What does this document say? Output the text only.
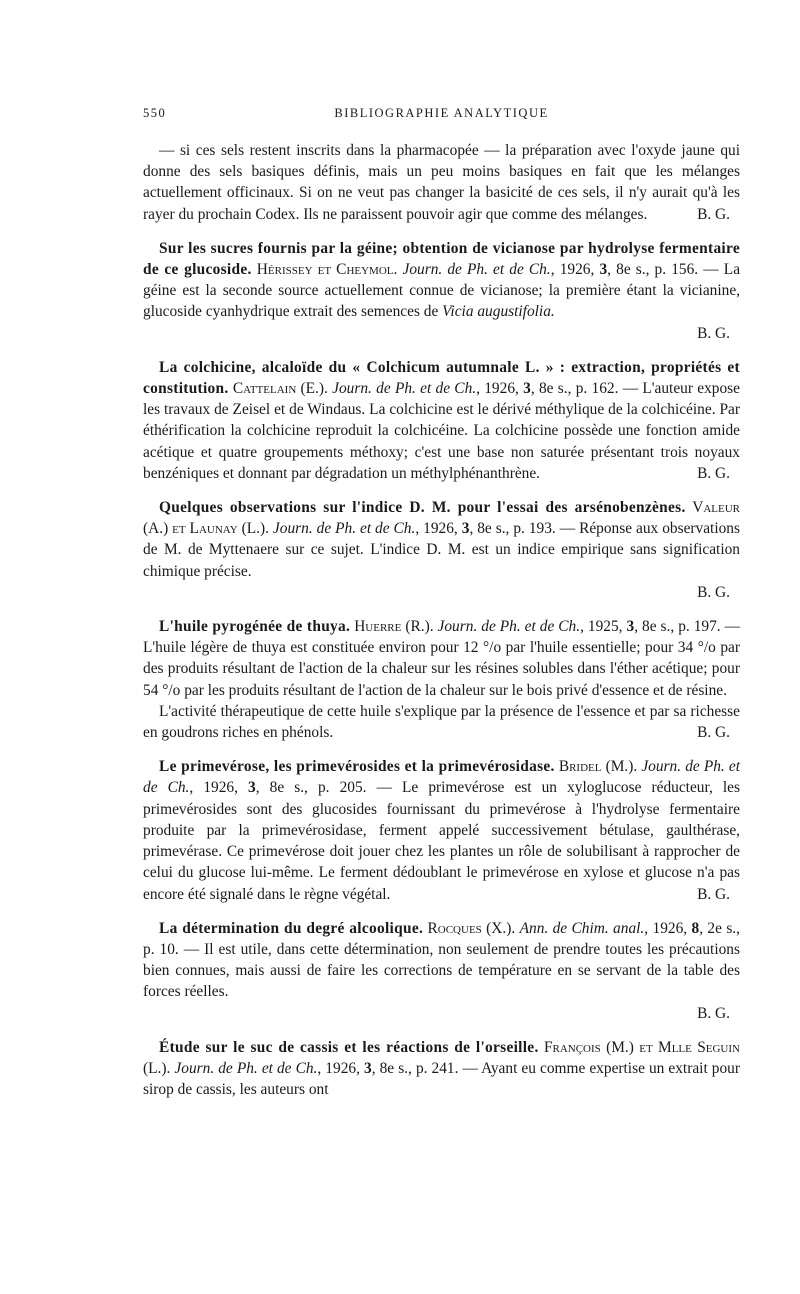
550	BIBLIOGRAPHIE ANALYTIQUE

— si ces sels restent inscrits dans la pharmacopée — la préparation avec l'oxyde jaune qui donne des sels basiques définis, mais un peu moins basiques en fait que les mélanges actuellement officinaux. Si on ne veut pas changer la basicité de ces sels, il n'y aurait qu'à les rayer du prochain Codex. Ils ne paraissent pouvoir agir que comme des mélanges.	B. G.

Sur les sucres fournis par la géine; obtention de vicianose par hydrolyse fermentaire de ce glucoside. Hérissey et Cheymol. Journ. de Ph. et de Ch., 1926, 3, 8e s., p. 156. — La géine est la seconde source actuellement connue de vicianose; la première étant la vicianine, glucoside cyanhydrique extrait des semences de Vicia augustifolia.

B. G.

La colchicine, alcaloïde du « Colchicum autumnale L. » : extraction, propriétés et constitution. Cattelain (E.). Journ. de Ph. et de Ch., 1926, 3, 8e s., p. 162. — L'auteur expose les travaux de Zeisel et de Windaus. La colchicine est le dérivé méthylique de la colchicéine. Par éthérification la colchicine reproduit la colchicéine. La colchicine possède une fonction amide acétique et quatre groupements méthoxy; c'est une base non saturée présentant trois noyaux benzéniques et donnant par dégradation un méthylphénanthrène.	B. G.

Quelques observations sur l'indice D. M. pour l'essai des arsénobenzènes. Valeur (A.) et Launay (L.). Journ. de Ph. et de Ch., 1926, 3, 8e s., p. 193. — Réponse aux observations de M. de Myttenaere sur ce sujet. L'indice D. M. est un indice empirique sans signification chimique précise.

B. G.

L'huile pyrogénée de thuya. Huerre (R.). Journ. de Ph. et de Ch., 1925, 3, 8e s., p. 197. — L'huile légère de thuya est constituée environ pour 12 °/o par l'huile essentielle; pour 34 °/o par des produits résultant de l'action de la chaleur sur les résines solubles dans l'éther acétique; pour 54 °/o par les produits résultant de l'action de la chaleur sur le bois privé d'essence et de résine.

L'activité thérapeutique de cette huile s'explique par la présence de l'essence et par sa richesse en goudrons riches en phénols.	B. G.

Le primevérose, les primevérosides et la primevérosidase. Bridel (M.). Journ. de Ph. et de Ch., 1926, 3, 8e s., p. 205. — Le primevérose est un xyloglucose réducteur, les primevérosides sont des glucosides fournissant du primevérose à l'hydrolyse fermentaire produite par la primevérosidase, ferment appelé successivement bétulase, gaulthérase, primevérase. Ce primevérose doit jouer chez les plantes un rôle de solubilisant à rapprocher de celui du glucose lui-même. Le ferment dédoublant le primevérose en xylose et glucose n'a pas encore été signalé dans le règne végétal.	B. G.

La détermination du degré alcoolique. Rocques (X.). Ann. de Chim. anal., 1926, 8, 2e s., p. 10. — Il est utile, dans cette détermination, non seulement de prendre toutes les précautions bien connues, mais aussi de faire les corrections de température en se servant de la table des forces réelles.

B. G.

Étude sur le suc de cassis et les réactions de l'orseille. François (M.) et Mlle Seguin (L.). Journ. de Ph. et de Ch., 1926, 3, 8e s., p. 241. — Ayant eu comme expertise un extrait pour sirop de cassis, les auteurs ont
